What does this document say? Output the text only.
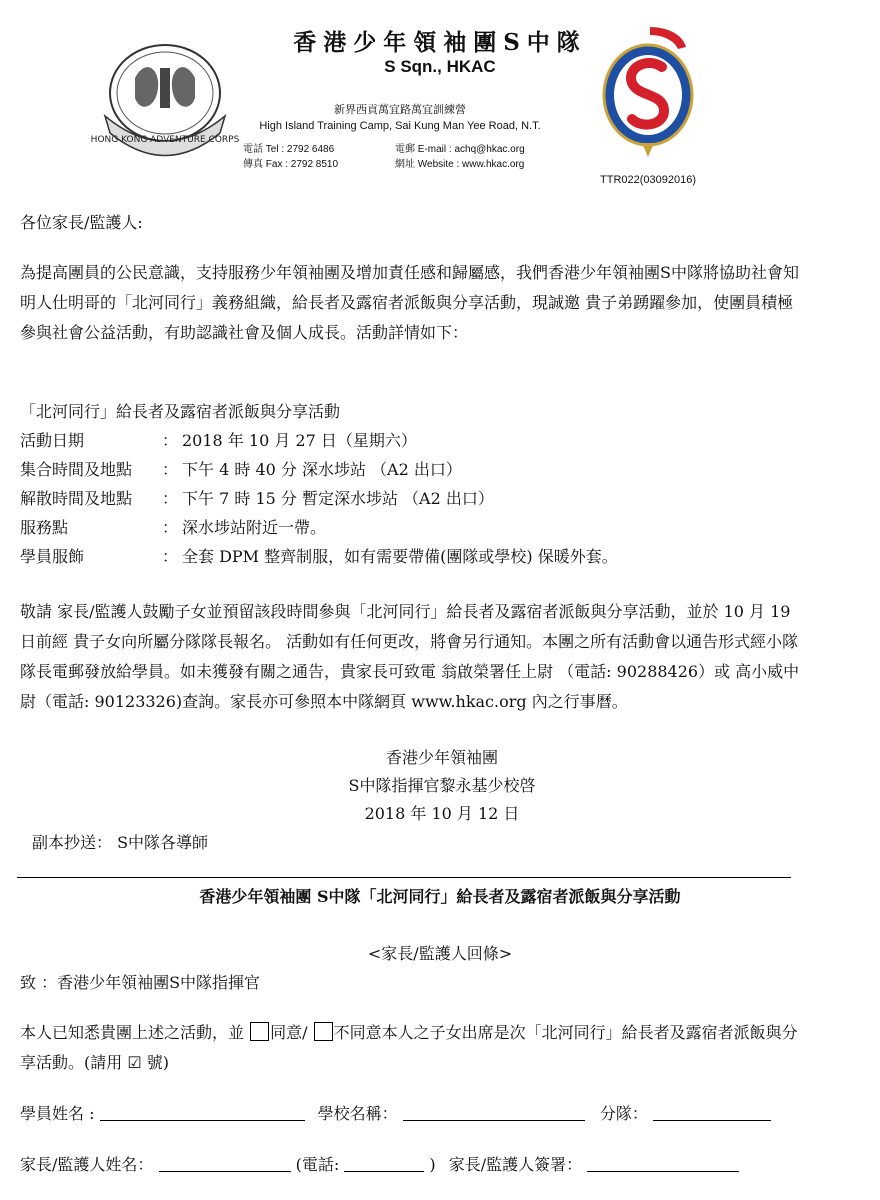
HONG KONG ADVENTURE CORPS
香港少年領袖團S中隊
S Sqn., HKAC
新界西貢萬宜路萬宜訓練營
High Island Training Camp, Sai Kung Man Yee Road, N.T.
電話 Tel : 2792 6486
傳真 Fax : 2792 8510
電郵 E-mail : achq@hkac.org
網址 Website : www.hkac.org
TTR022(03092016)
各位家長/監護人:
為提高團員的公民意識，支持服務少年領袖團及增加責任感和歸屬感，我們香港少年領袖團S中隊將協助社會知明人仕明哥的「北河同行」義務組織，給長者及露宿者派飯與分享活動，現誠邀 貴子弟踴躍參加，使團員積極參與社會公益活動，有助認識社會及個人成長。活動詳情如下：
「北河同行」給長者及露宿者派飯與分享活動
活動日期	： 2018 年 10 月 27 日（星期六）
集合時間及地點 ： 下午 4 時 40 分 深水埗站 （A2 出口）
解散時間及地點 ： 下午 7 時 15 分 暫定深水埗站 （A2 出口）
服務點	： 深水埗站附近一帶。
學員服飾	： 全套 DPM 整齊制服，如有需要帶備(團隊或學校) 保暖外套。
敬請 家長/監護人鼓勵子女並預留該段時間參與「北河同行」給長者及露宿者派飯與分享活動，並於 10 月 19 日前經 貴子女向所屬分隊隊長報名。 活動如有任何更改，將會另行通知。本團之所有活動會以通告形式經小隊隊長電郵發放給學員。如未獲發有關之通告，貴家長可致電 翁啟榮署任上尉 （電話: 90288426）或 高小威中尉（電話: 90123326)查詢。家長亦可參照本中隊網頁 www.hkac.org 內之行事曆。
香港少年領袖團
S中隊指揮官黎永基少校啓
2018 年 10 月 12 日
副本抄送： S中隊各導師
香港少年領袖團 S中隊「北河同行」給長者及露宿者派飯與分享活動
<家長/監護人回條>
致 ：香港少年領袖團S中隊指揮官
本人已知悉貴團上述之活動，並 同意/ 不同意本人之子女出席是次「北河同行」給長者及露宿者派飯與分享活動。(請用 ☑ 號)
學員姓名 :	學校名稱：	分隊：
家長/監護人姓名：	(電話:	) 家長/監護人簽署：
